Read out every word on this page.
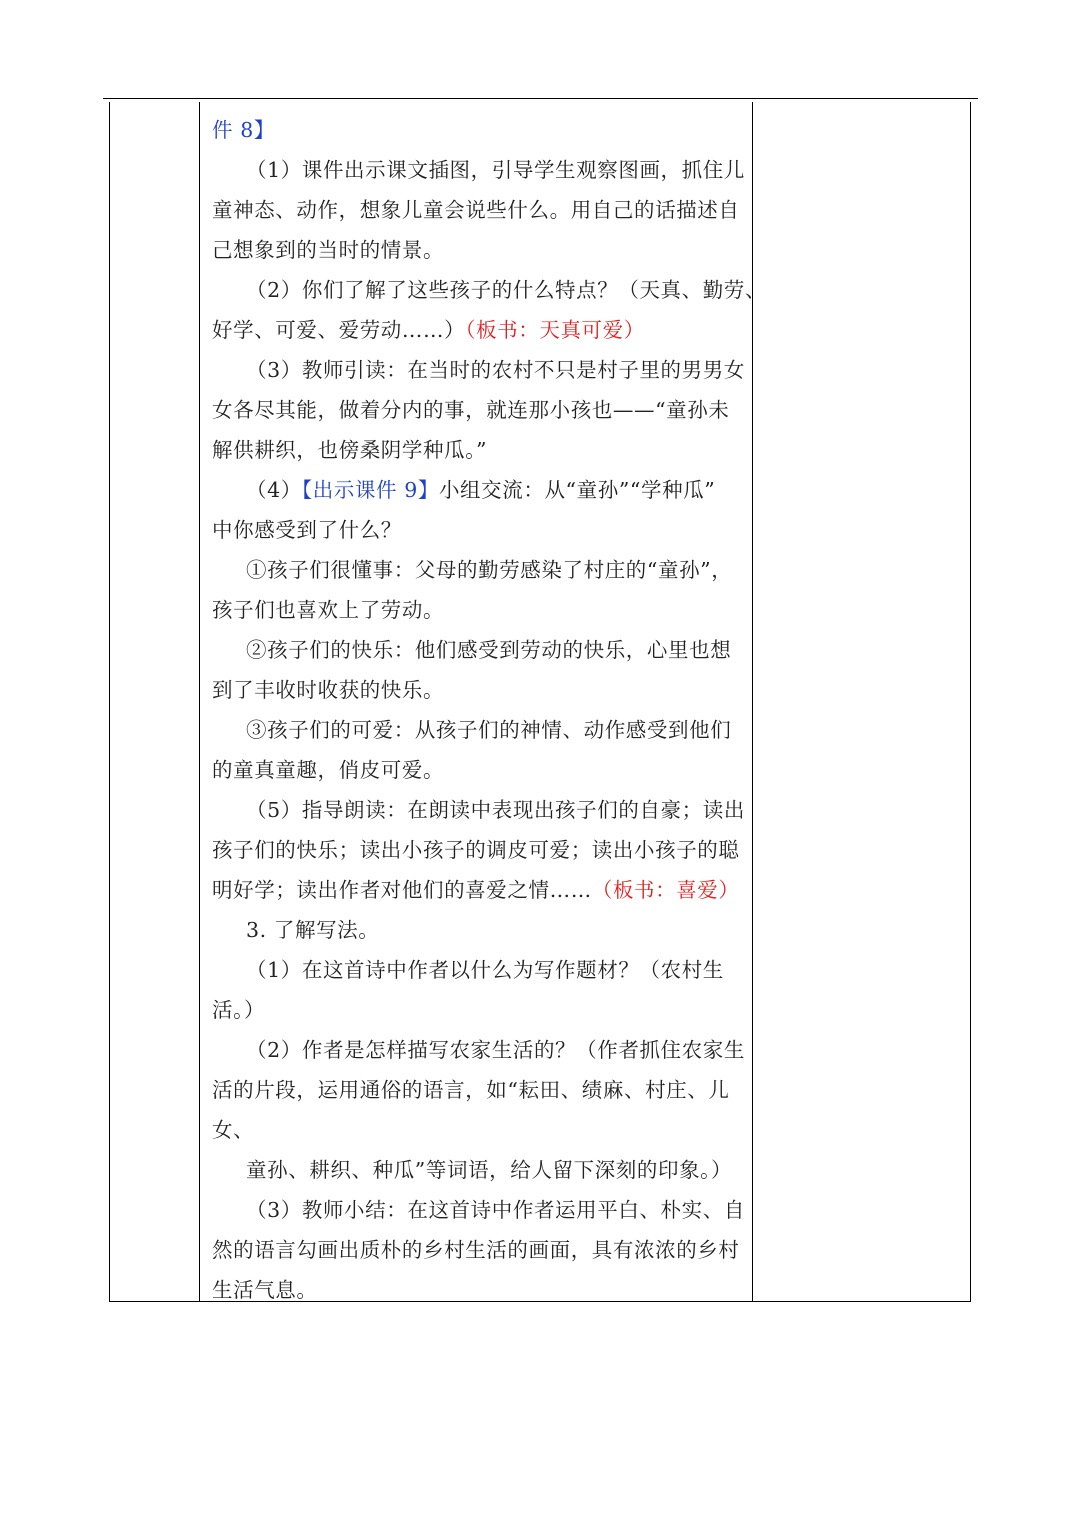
件 8】
（1）课件出示课文插图，引导学生观察图画，抓住儿
童神态、动作，想象儿童会说些什么。用自己的话描述自
己想象到的当时的情景。
（2）你们了解了这些孩子的什么特点？（天真、勤劳、
好学、可爱、爱劳动……）（板书：天真可爱）
（3）教师引读：在当时的农村不只是村子里的男男女
女各尽其能，做着分内的事，就连那小孩也——“童孙未
解供耕织，也傍桑阴学种瓜。”
（4）【出示课件 9】小组交流：从“童孙”“学种瓜”
中你感受到了什么？
①孩子们很懂事：父母的勤劳感染了村庄的“童孙”，
孩子们也喜欢上了劳动。
②孩子们的快乐：他们感受到劳动的快乐，心里也想
到了丰收时收获的快乐。
③孩子们的可爱：从孩子们的神情、动作感受到他们
的童真童趣，俏皮可爱。
（5）指导朗读：在朗读中表现出孩子们的自豪；读出
孩子们的快乐；读出小孩子的调皮可爱；读出小孩子的聪
明好学；读出作者对他们的喜爱之情……（板书：喜爱）
3. 了解写法。
（1）在这首诗中作者以什么为写作题材？（农村生
活。）
（2）作者是怎样描写农家生活的？（作者抓住农家生
活的片段，运用通俗的语言，如“耘田、绩麻、村庄、儿
女、
童孙、耕织、种瓜”等词语，给人留下深刻的印象。）
（3）教师小结：在这首诗中作者运用平白、朴实、自
然的语言勾画出质朴的乡村生活的画面，具有浓浓的乡村
生活气息。
